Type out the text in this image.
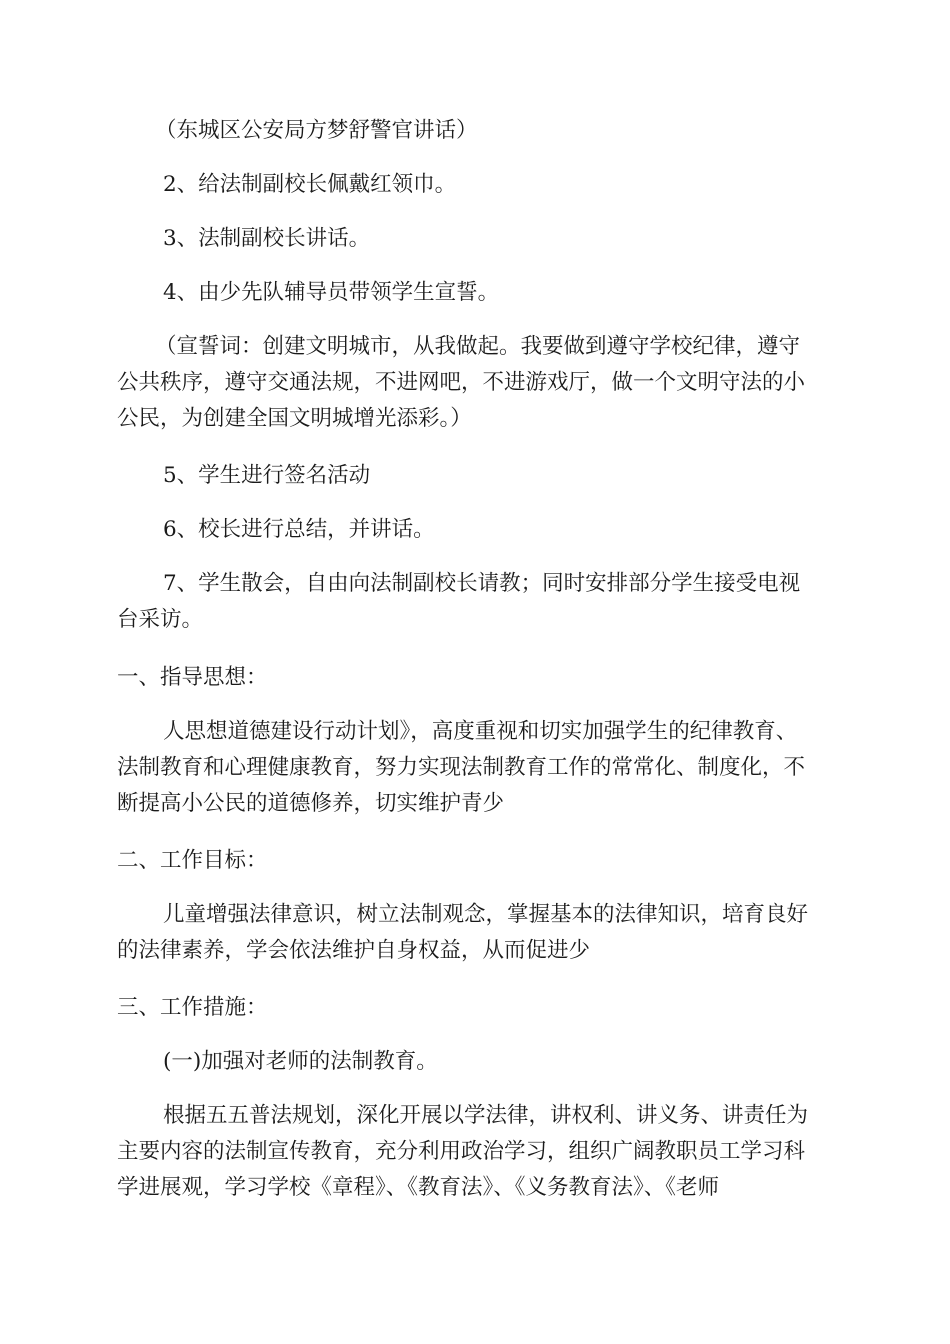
（东城区公安局方梦舒警官讲话）

2、给法制副校长佩戴红领巾。

3、法制副校长讲话。

4、由少先队辅导员带领学生宣誓。

（宣誓词：创建文明城市，从我做起。我要做到遵守学校纪律，遵守
公共秩序，遵守交通法规，不进网吧，不进游戏厅，做一个文明守法的小
公民，为创建全国文明城增光添彩。）

5、学生进行签名活动

6、校长进行总结，并讲话。

7、学生散会，自由向法制副校长请教；同时安排部分学生接受电视
台采访。

一、指导思想：

人思想道德建设行动计划》，高度重视和切实加强学生的纪律教育、
法制教育和心理健康教育，努力实现法制教育工作的常常化、制度化，不
断提高小公民的道德修养，切实维护青少

二、工作目标：

儿童增强法律意识，树立法制观念，掌握基本的法律知识，培育良好
的法律素养，学会依法维护自身权益，从而促进少

三、工作措施：

(一)加强对老师的法制教育。

根据五五普法规划，深化开展以学法律，讲权利、讲义务、讲责任为
主要内容的法制宣传教育，充分利用政治学习，组织广阔教职员工学习科
学进展观，学习学校《章程》、《教育法》、《义务教育法》、《老师
